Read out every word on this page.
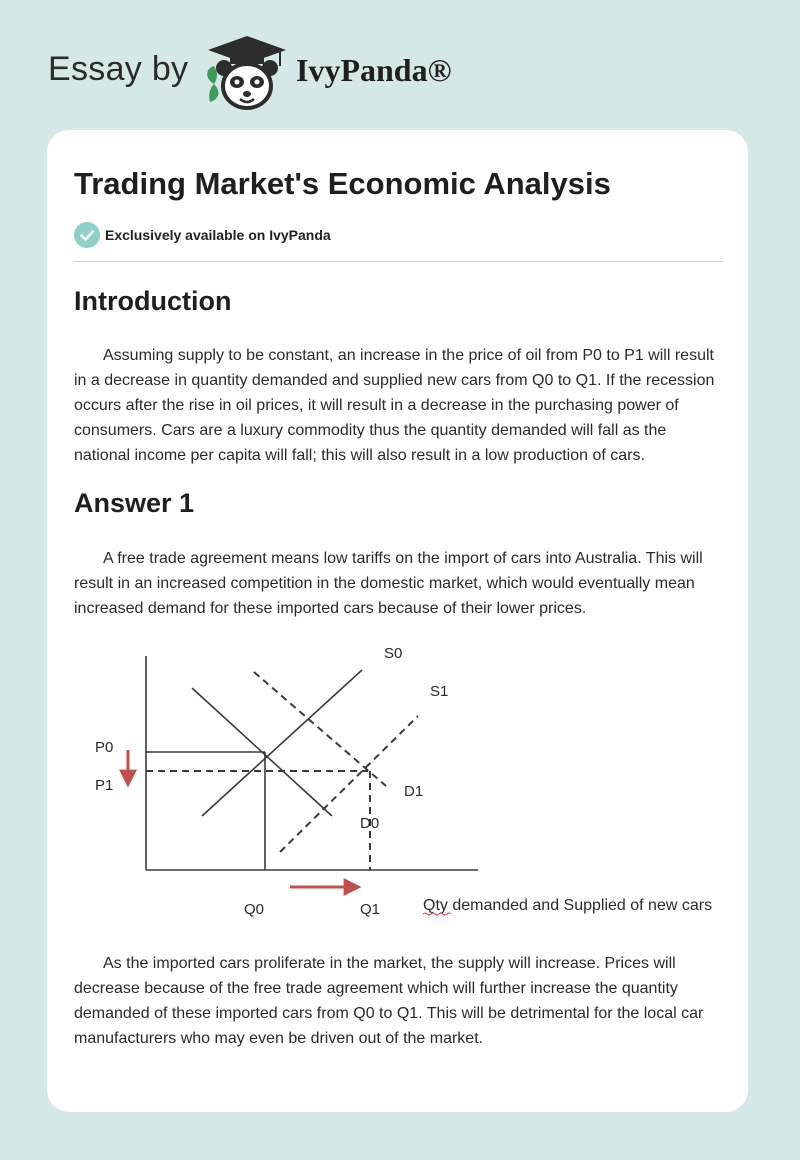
Essay by	IvyPanda®
Trading Market's Economic Analysis
Exclusively available on IvyPanda
Introduction

Assuming supply to be constant, an increase in the price of oil from P0 to P1 will result in a decrease in quantity demanded and supplied new cars from Q0 to Q1. If the recession occurs after the rise in oil prices, it will result in a decrease in the purchasing power of consumers. Cars are a luxury commodity thus the quantity demanded will fall as the national income per capita will fall; this will also result in a low production of cars.

Answer 1

A free trade agreement means low tariffs on the import of cars into Australia. This will result in an increased competition in the domestic market, which would eventually mean increased demand for these imported cars because of their lower prices.

S0
S1
D1
D0
P0
P1
Q0	Q1	Qty demanded and Supplied of new cars

As the imported cars proliferate in the market, the supply will increase. Prices will decrease because of the free trade agreement which will further increase the quantity demanded of these imported cars from Q0 to Q1. This will be detrimental for the local car manufacturers who may even be driven out of the market.
